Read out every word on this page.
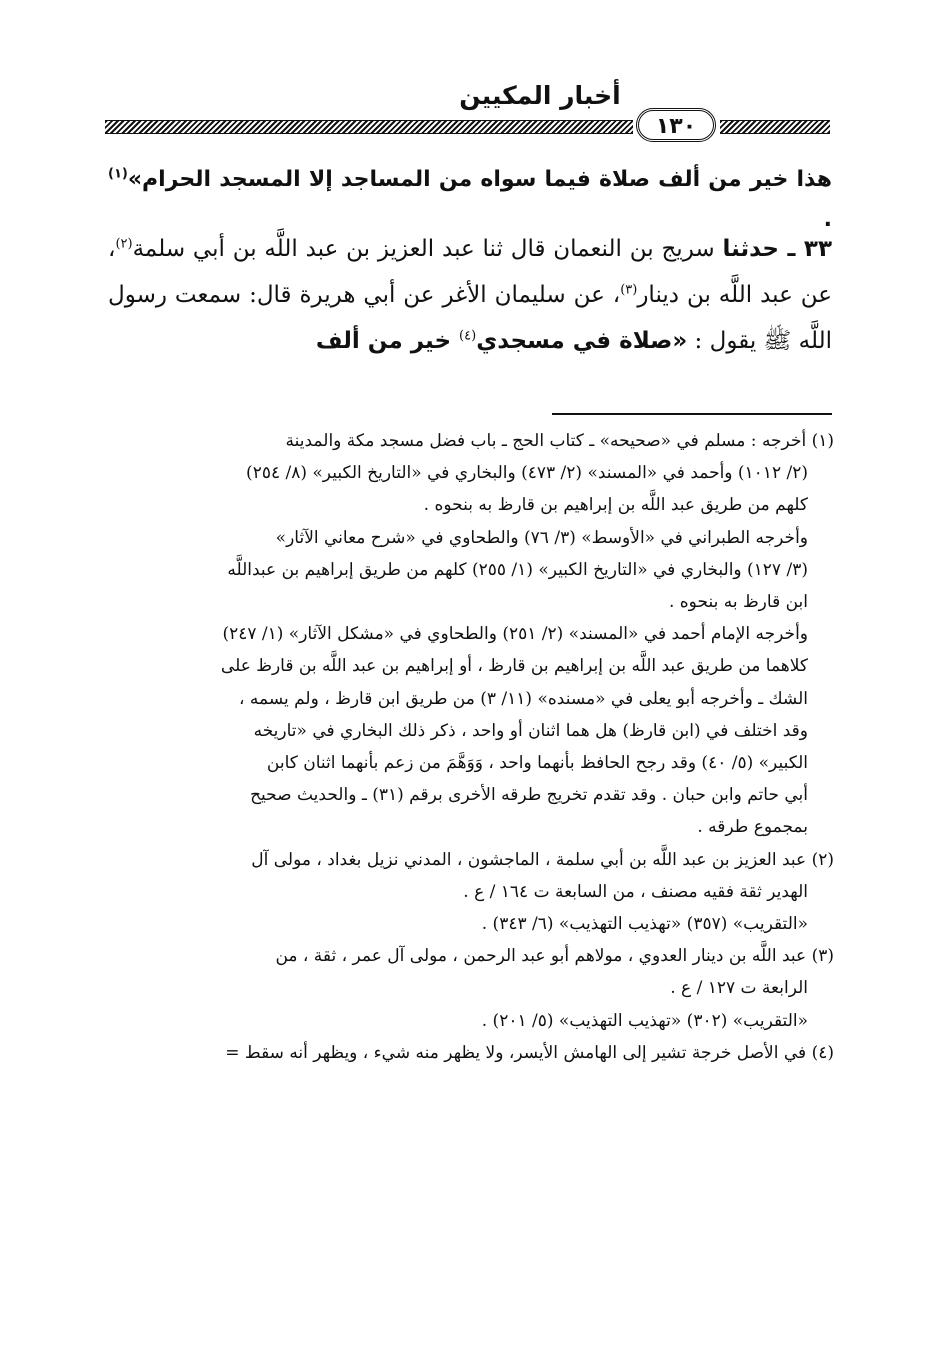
أخبار المكيين
١٣٠
هذا خير من ألف صلاة فيما سواه من المساجد إلا المسجد الحرام»$^{(١)}$ .
٣٣ ـ حدثنا سريج بن النعمان قال ثنا عبد العزيز بن عبد اللَّه بن أبي سلمة$^{(٢)}$، عن عبد اللَّه بن دينار$^{(٣)}$، عن سليمان الأغر عن أبي هريرة قال: سمعت رسول اللَّه ﷺ يقول : «صلاة في مسجدي$^{(٤)}$ خير من ألف
(١) أخرجه : مسلم في «صحيحه» ـ كتاب الحج ـ باب فضل مسجد مكة والمدينة
(٢/ ١٠١٢) وأحمد في «المسند» (٢/ ٤٧٣) والبخاري في «التاريخ الكبير» (٨/ ٢٥٤)
كلهم من طريق عبد اللَّه بن إبراهيم بن قارظ به بنحوه .
وأخرجه الطبراني في «الأوسط» (٣/ ٧٦) والطحاوي في «شرح معاني الآثار»
(٣/ ١٢٧) والبخاري في «التاريخ الكبير» (١/ ٢٥٥) كلهم من طريق إبراهيم بن عبداللَّه
ابن قارظ به بنحوه .
وأخرجه الإمام أحمد في «المسند» (٢/ ٢٥١) والطحاوي في «مشكل الآثار» (١/ ٢٤٧)
كلاهما من طريق عبد اللَّه بن إبراهيم بن قارظ ، أو إبراهيم بن عبد اللَّه بن قارظ على
الشك ـ وأخرجه أبو يعلى في «مسنده» (١١/ ٣) من طريق ابن قارظ ، ولم يسمه ،
وقد اختلف في (ابن قارظ) هل هما اثنان أو واحد ، ذكر ذلك البخاري في «تاريخه
الكبير» (٥/ ٤٠) وقد رجح الحافظ بأنهما واحد ، وَوَهَّمَ من زعم بأنهما اثنان كابن
أبي حاتم وابن حبان . وقد تقدم تخريج طرقه الأخرى برقم (٣١) ـ والحديث صحيح
بمجموع طرقه .
(٢) عبد العزيز بن عبد اللَّه بن أبي سلمة ، الماجشون ، المدني نزيل بغداد ، مولى آل
الهدير ثقة فقيه مصنف ، من السابعة ت ١٦٤ / ع .
«التقريب» (٣٥٧) «تهذيب التهذيب» (٦/ ٣٤٣) .
(٣) عبد اللَّه بن دينار العدوي ، مولاهم أبو عبد الرحمن ، مولى آل عمر ، ثقة ، من
الرابعة ت ١٢٧ / ع .
«التقريب» (٣٠٢) «تهذيب التهذيب» (٥/ ٢٠١) .
(٤) في الأصل خرجة تشير إلى الهامش الأيسر، ولا يظهر منه شيء ، ويظهر أنه سقط =
